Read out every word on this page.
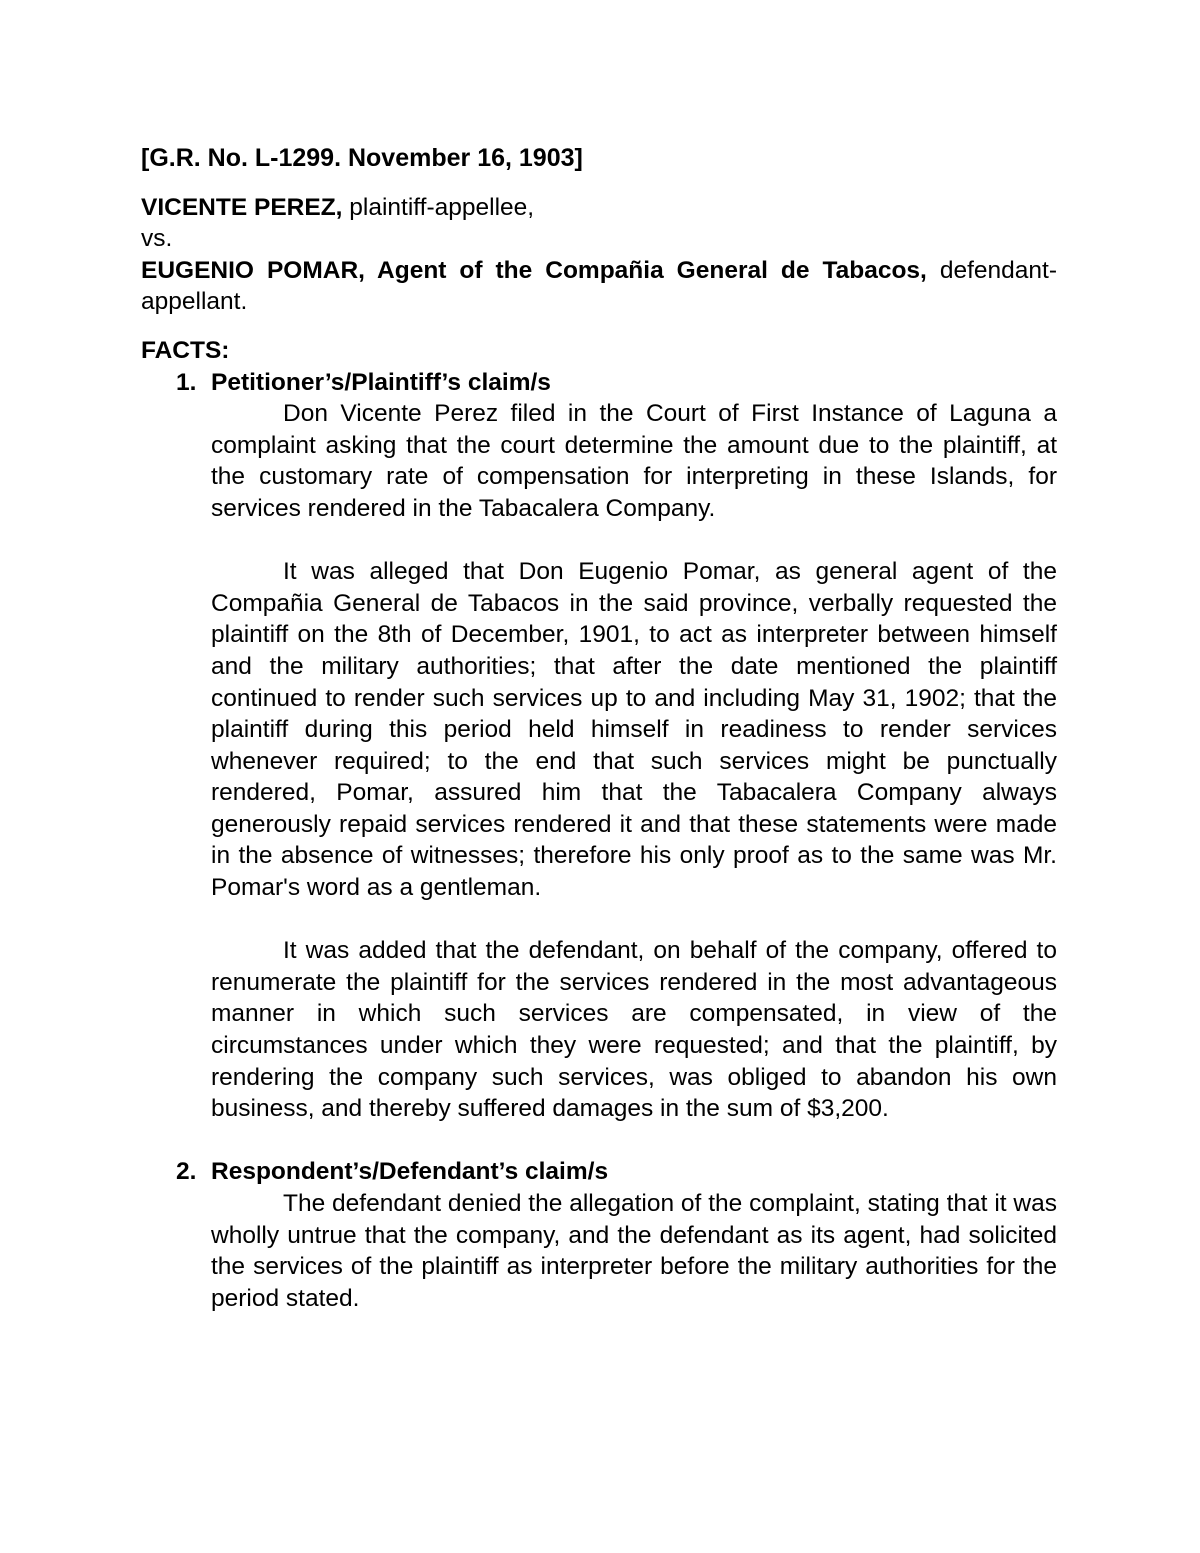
[G.R. No. L-1299. November 16, 1903]

VICENTE PEREZ, plaintiff-appellee,

vs.

EUGENIO POMAR, Agent of the Compañia General de Tabacos, defendant-appellant.

FACTS:

1. Petitioner’s/Plaintiff’s claim/s

Don Vicente Perez filed in the Court of First Instance of Laguna a complaint asking that the court determine the amount due to the plaintiff, at the customary rate of compensation for interpreting in these Islands, for services rendered in the Tabacalera Company.

It was alleged that Don Eugenio Pomar, as general agent of the Compañia General de Tabacos in the said province, verbally requested the plaintiff on the 8th of December, 1901, to act as interpreter between himself and the military authorities; that after the date mentioned the plaintiff continued to render such services up to and including May 31, 1902; that the plaintiff during this period held himself in readiness to render services whenever required; to the end that such services might be punctually rendered, Pomar, assured him that the Tabacalera Company always generously repaid services rendered it and that these statements were made in the absence of witnesses; therefore his only proof as to the same was Mr. Pomar's word as a gentleman.

It was added that the defendant, on behalf of the company, offered to renumerate the plaintiff for the services rendered in the most advantageous manner in which such services are compensated, in view of the circumstances under which they were requested; and that the plaintiff, by rendering the company such services, was obliged to abandon his own business, and thereby suffered damages in the sum of $3,200.

2. Respondent’s/Defendant’s claim/s

The defendant denied the allegation of the complaint, stating that it was wholly untrue that the company, and the defendant as its agent, had solicited the services of the plaintiff as interpreter before the military authorities for the period stated.
